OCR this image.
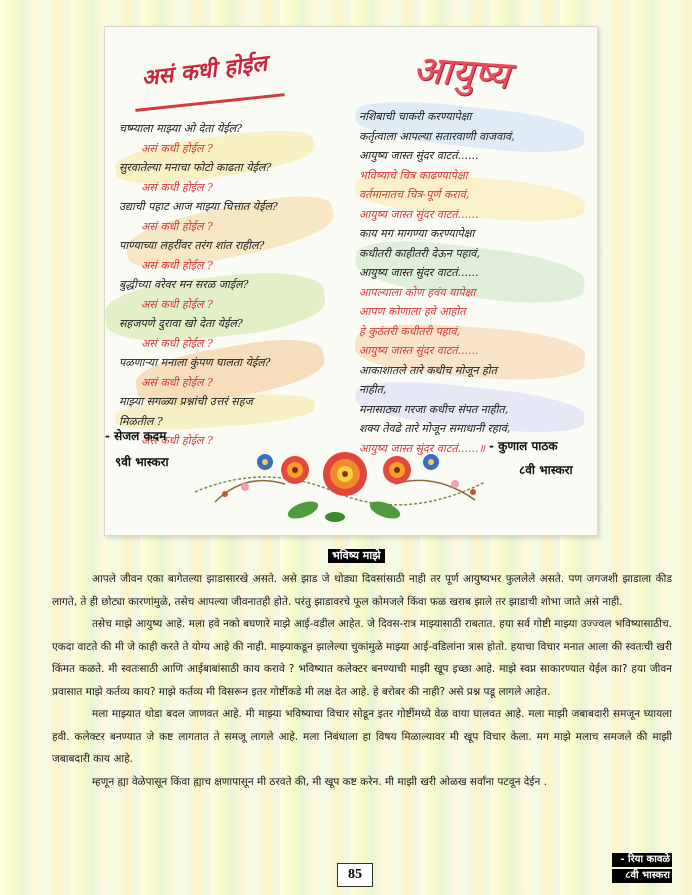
असं कधी होईल	आयुष्य
चष्म्याला माझ्या ओ देता येईल?
असं कधी होईल ?
सुरवातेल्या मनाचा फोटो काढता येईल?
असं कधी होईल ?
उद्याची पहाट आज माझ्या चित्तात येईल?
असं कधी होईल ?
पाण्याच्या लहरींवर तरंग शांत राहील?
असं कधी होईल ?
बुद्धीच्या वरेवर मन सरळ जाईल?
असं कधी होईल ?
सहजपणे दुरावा खो देता येईल?
असं कधी होईल ?
पळणाऱ्या मनाला कुंपण घालता येईल?
असं कधी होईल ?
माझ्या सगळ्या प्रश्नांची उत्तरं सहज
मिळतील ?
असं कधी होईल ?
नशिबाची चाकरी करण्यापेक्षा
कर्तृत्वाला आपल्या सतारवाणी वाजवावं,
आयुष्य जास्त सुंदर वाटतं......
भविष्याचे चित्र काढण्यापेक्षा
वर्तमानातच चित्र-पूर्ण करावं,
आयुष्य जास्त सुंदर वाटतं......
काय मग मागण्या करण्यापेक्षा
कधीतरी काहीतरी देऊन पहावं,
आयुष्य जास्त सुंदर वाटतं......
आपल्याला कोण हवंय यापेक्षा
आपण कोणाला हवे आहोत
हे कुठंतरी कधीतरी पहावं,
आयुष्य जास्त सुंदर वाटतं......
आकाशातले तारे कधीच मोजून होत
नाहीत,
मनासाठ्या गरजा कधीच संपत नाहीत,
शक्य तेवढे तारे मोजून समाधानी रहावं,
आयुष्य जास्त सुंदर वाटतं......॥
- सेजल कदम
९वी भास्करा
- कुणाल पाठक
८वी भास्करा
भविष्य माझे

आपले जीवन एका बागेतल्या झाडासारखे असते. असे झाड जे थोड्या दिवसांसाठी नाही तर पूर्ण आयुष्यभर फुललेले असते. पण जगजशी झाडाला कीड लागते, ते ही छोट्या कारणांमुळे, तसेच आपल्या जीवनातही होते. परंतु झाडावरचे फूल कोमजले किंवा फळ खराब झाले तर झाडाची शोभा जाते असे नाही.

तसेच माझे आयुष्य आहे. मला हवे नको बघणारे माझे आई-वडील आहेत. जे दिवस-रात्र माझ्यासाठी राबतात. हया सर्व गोष्टी माझ्या उज्ज्वल भविष्यासाठीच. एकदा वाटते की मी जे काही करते ते योग्य आहे की नाही. माझ्याकडून झालेल्या चुकांमुळे माझ्या आई-वडिलांना त्रास होतो. हयाचा विचार मनात आला की स्वतःची खरी किंमत कळते. मी स्वतःसाठी आणि आईबाबांसाठी काय करावे ? भविष्यात कलेक्टर बनण्याची माझी खूप इच्छा आहे. माझे स्वप्न साकारण्यात येईल का? हया जीवन प्रवासात माझे कर्तव्य काय? माझे कर्तव्य मी विसरून इतर गोष्टींकडे मी लक्ष देत आहे. हे बरोबर की नाही? असे प्रश्न पडू लागले आहेत.

मला माझ्यात थोडा बदल जाणवत आहे. मी माझ्या भविष्याचा विचार सोडून इतर गोष्टींमध्ये वेळ वाया घालवत आहे. मला माझी जबाबदारी समजून घ्यायला हवी. कलेक्टर बनण्यात जे कष्ट लागतात ते समजू लागले आहे. मला निबंधाला हा विषय मिळाल्यावर मी खूप विचार केला. मग माझे मलाच समजले की माझी जबाबदारी काय आहे.

म्हणून ह्या वेळेपासून किंवा ह्याच क्षणापासून मी ठरवते की, मी खूप कष्ट करेन. मी माझी खरी ओळख सर्वांना पटवून देईन .

- रिया कावळे
८वी भास्करा
85
